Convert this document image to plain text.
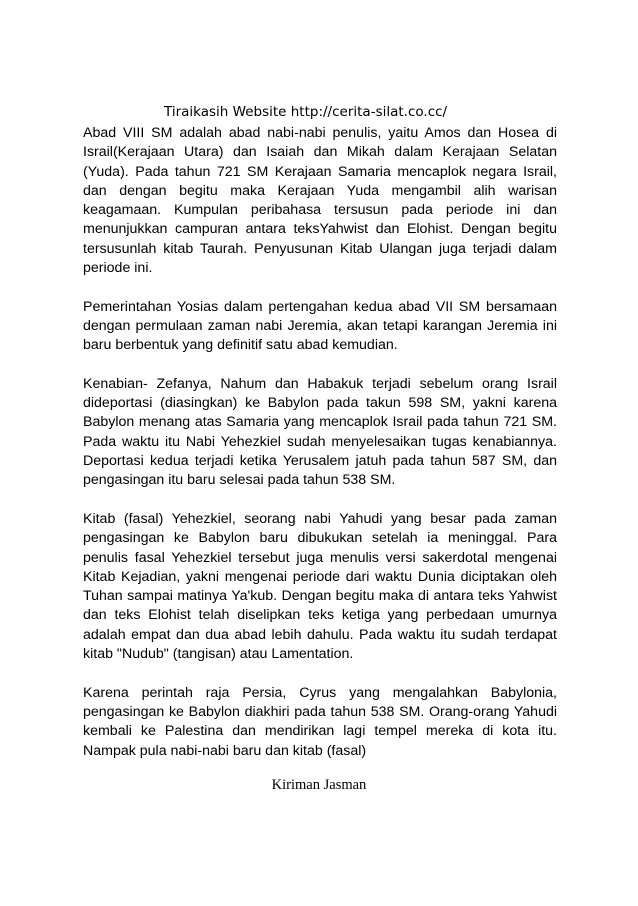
Tiraikasih Website http://cerita-silat.co.cc/

Abad VIII SM adalah abad nabi-nabi penulis, yaitu Amos dan Hosea di Israil(Kerajaan Utara) dan Isaiah dan Mikah dalam Kerajaan Selatan (Yuda). Pada tahun 721 SM Kerajaan Samaria mencaplok negara Israil, dan dengan begitu maka Kerajaan Yuda mengambil alih warisan keagamaan. Kumpulan peribahasa tersusun pada periode ini dan menunjukkan campuran antara teksYahwist dan Elohist. Dengan begitu tersusunlah kitab Taurah. Penyusunan Kitab Ulangan juga terjadi dalam periode ini.

Pemerintahan Yosias dalam pertengahan kedua abad VII SM bersamaan dengan permulaan zaman nabi Jeremia, akan tetapi karangan Jeremia ini baru berbentuk yang definitif satu abad kemudian.

Kenabian- Zefanya, Nahum dan Habakuk terjadi sebelum orang Israil dideportasi (diasingkan) ke Babylon pada takun 598 SM, yakni karena Babylon menang atas Samaria yang mencaplok Israil pada tahun 721 SM. Pada waktu itu Nabi Yehezkiel sudah menyelesaikan tugas kenabiannya. Deportasi kedua terjadi ketika Yerusalem jatuh pada tahun 587 SM, dan pengasingan itu baru selesai pada tahun 538 SM.

Kitab (fasal) Yehezkiel, seorang nabi Yahudi yang besar pada zaman pengasingan ke Babylon baru dibukukan setelah ia meninggal. Para penulis fasal Yehezkiel tersebut juga menulis versi sakerdotal mengenai Kitab Kejadian, yakni mengenai periode dari waktu Dunia diciptakan oleh Tuhan sampai matinya Ya'kub. Dengan begitu maka di antara teks Yahwist dan teks Elohist telah diselipkan teks ketiga yang perbedaan umurnya adalah empat dan dua abad lebih dahulu. Pada waktu itu sudah terdapat kitab "Nudub" (tangisan) atau Lamentation.

Karena perintah raja Persia, Cyrus yang mengalahkan Babylonia, pengasingan ke Babylon diakhiri pada tahun 538 SM. Orang-orang Yahudi kembali ke Palestina dan mendirikan lagi tempel mereka di kota itu. Nampak pula nabi-nabi baru dan kitab (fasal)

Kiriman Jasman
